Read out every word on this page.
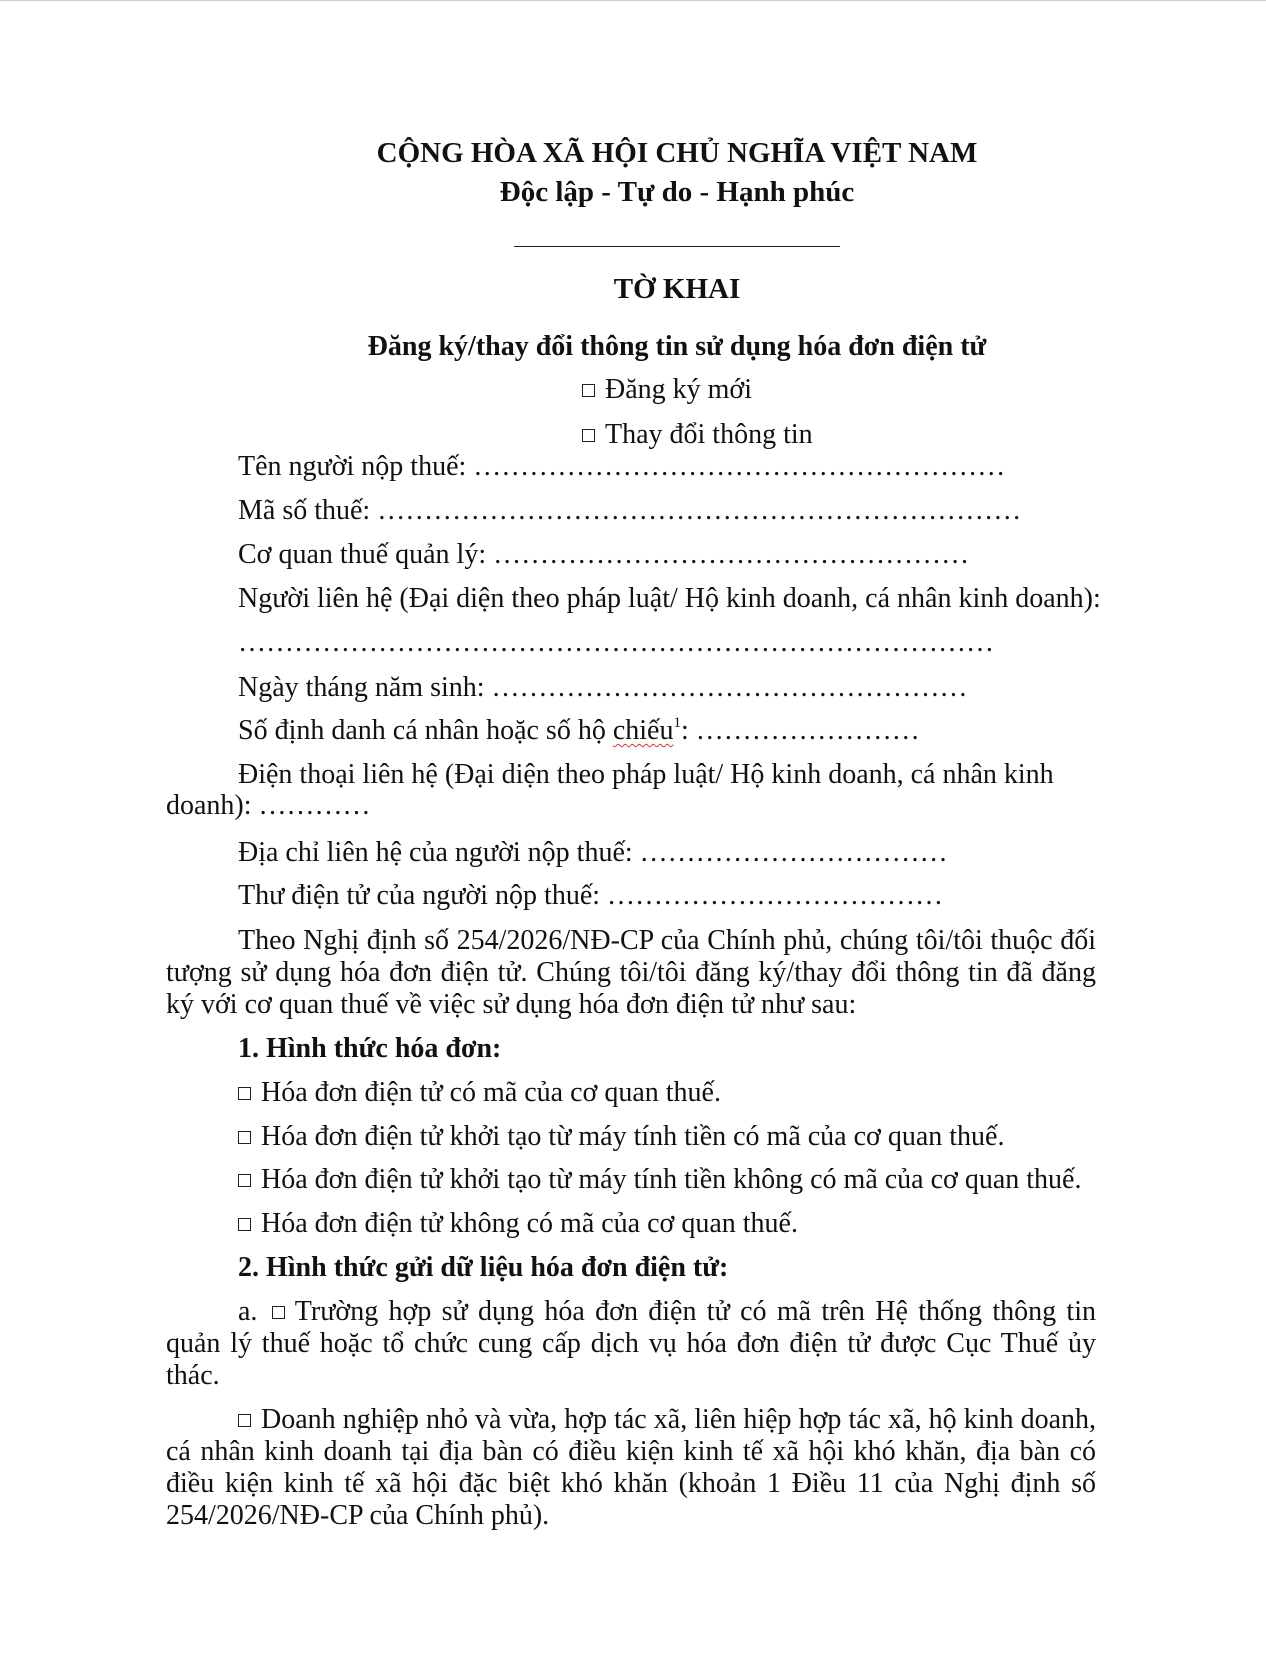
CỘNG HÒA XÃ HỘI CHỦ NGHĨA VIỆT NAM
Độc lập - Tự do - Hạnh phúc
TỜ KHAI
Đăng ký/thay đổi thông tin sử dụng hóa đơn điện tử
Đăng ký mới
Thay đổi thông tin
Tên người nộp thuế: …………………………………………………
Mã số thuế: ……………………………………………………………
Cơ quan thuế quản lý: ……………………………………………
Người liên hệ (Đại diện theo pháp luật/ Hộ kinh doanh, cá nhân kinh doanh):
………………………………………………………………………
Ngày tháng năm sinh: ……………………………………………
Số định danh cá nhân hoặc số hộ chiếu$^1$: ……………………
Điện thoại liên hệ (Đại diện theo pháp luật/ Hộ kinh doanh, cá nhân kinh
doanh): …………
Địa chỉ liên hệ của người nộp thuế: ……………………………
Thư điện tử của người nộp thuế: ………………………………
Theo Nghị định số 254/2026/NĐ-CP của Chính phủ, chúng tôi/tôi thuộc đối
tượng sử dụng hóa đơn điện tử. Chúng tôi/tôi đăng ký/thay đổi thông tin đã đăng
ký với cơ quan thuế về việc sử dụng hóa đơn điện tử như sau:
1. Hình thức hóa đơn:
Hóa đơn điện tử có mã của cơ quan thuế.
Hóa đơn điện tử khởi tạo từ máy tính tiền có mã của cơ quan thuế.
Hóa đơn điện tử khởi tạo từ máy tính tiền không có mã của cơ quan thuế.
Hóa đơn điện tử không có mã của cơ quan thuế.
2. Hình thức gửi dữ liệu hóa đơn điện tử:
a. Trường hợp sử dụng hóa đơn điện tử có mã trên Hệ thống thông tin
quản lý thuế hoặc tổ chức cung cấp dịch vụ hóa đơn điện tử được Cục Thuế ủy
thác.
Doanh nghiệp nhỏ và vừa, hợp tác xã, liên hiệp hợp tác xã, hộ kinh doanh,
cá nhân kinh doanh tại địa bàn có điều kiện kinh tế xã hội khó khăn, địa bàn có
điều kiện kinh tế xã hội đặc biệt khó khăn (khoản 1 Điều 11 của Nghị định số
254/2026/NĐ-CP của Chính phủ).
